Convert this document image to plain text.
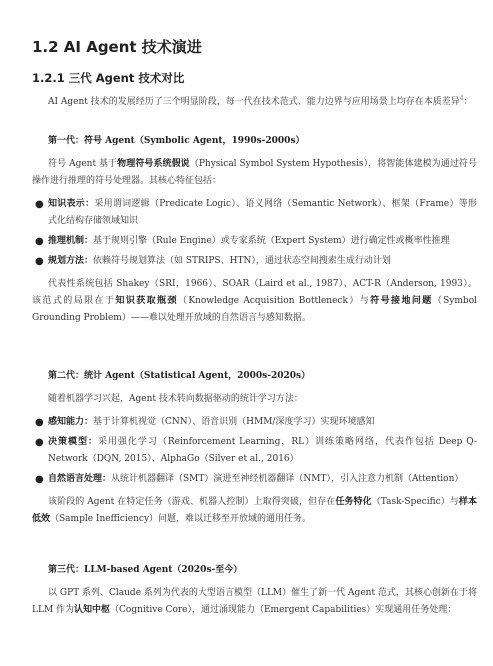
1.2 AI Agent 技术演进
1.2.1 三代 Agent 技术对比

AI Agent 技术的发展经历了三个明显阶段，每一代在技术范式、能力边界与应用场景上均存在本质差异$^4$：

第一代：符号 Agent（Symbolic Agent，1990s-2000s）

符号 Agent 基于物理符号系统假说（Physical Symbol System Hypothesis），将智能体建模为通过符号操作进行推理的符号处理器。其核心特征包括：

● 知识表示：采用谓词逻辑（Predicate Logic）、语义网络（Semantic Network）、框架（Frame）等形式化结构存储领域知识
● 推理机制：基于规则引擎（Rule Engine）或专家系统（Expert System）进行确定性或概率性推理
● 规划方法：依赖符号规划算法（如 STRIPS、HTN），通过状态空间搜索生成行动计划

代表性系统包括 Shakey（SRI，1966）、SOAR（Laird et al., 1987）、ACT-R（Anderson, 1993）。该范式的局限在于知识获取瓶颈（Knowledge Acquisition Bottleneck）与符号接地问题（Symbol Grounding Problem）——难以处理开放域的自然语言与感知数据。

第二代：统计 Agent（Statistical Agent，2000s-2020s）

随着机器学习兴起，Agent 技术转向数据驱动的统计学习方法：

● 感知能力：基于计算机视觉（CNN）、语音识别（HMM/深度学习）实现环境感知
● 决策模型：采用强化学习（Reinforcement Learning，RL）训练策略网络，代表作包括 Deep Q-Network（DQN, 2015）、AlphaGo（Silver et al., 2016）
● 自然语言处理：从统计机器翻译（SMT）演进至神经机器翻译（NMT），引入注意力机制（Attention）

该阶段的 Agent 在特定任务（游戏、机器人控制）上取得突破，但存在任务特化（Task-Specific）与样本低效（Sample Inefficiency）问题，难以迁移至开放域的通用任务。

第三代：LLM-based Agent（2020s-至今）

以 GPT 系列、Claude 系列为代表的大型语言模型（LLM）催生了新一代 Agent 范式，其核心创新在于将 LLM 作为认知中枢（Cognitive Core），通过涌现能力（Emergent Capabilities）实现通用任务处理：
